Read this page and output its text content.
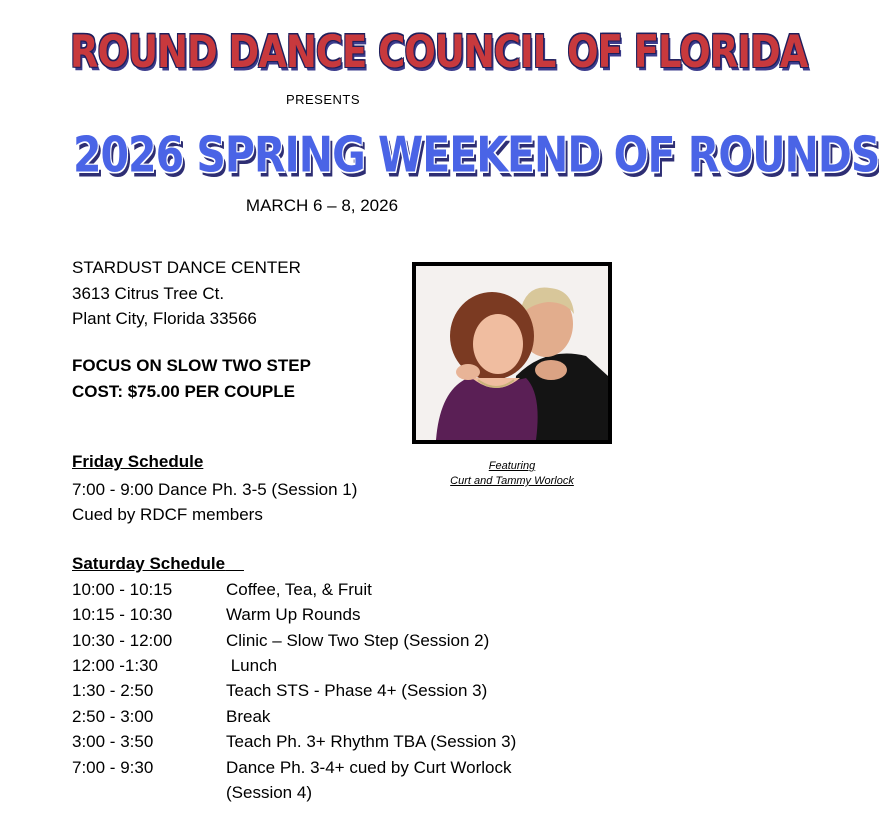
ROUND DANCE COUNCIL OF FLORIDA
PRESENTS
2026 SPRING WEEKEND OF ROUNDS
MARCH 6 – 8, 2026
STARDUST DANCE CENTER
3613 Citrus Tree Ct.
Plant City, Florida 33566
FOCUS ON SLOW TWO STEP
COST: $75.00 PER COUPLE
Featuring
Curt and Tammy Worlock
Friday Schedule
7:00 - 9:00 Dance Ph. 3-5 (Session 1)
Cued by RDCF members
Saturday Schedule
10:00 - 10:15	Coffee, Tea, & Fruit
10:15 - 10:30	Warm Up Rounds
10:30 - 12:00	Clinic – Slow Two Step (Session 2)
12:00 -1:30	Lunch
1:30 - 2:50	Teach STS - Phase 4+ (Session 3)
2:50 - 3:00	Break
3:00 - 3:50	Teach Ph. 3+ Rhythm TBA (Session 3)
7:00 - 9:30	Dance Ph. 3-4+ cued by Curt Worlock
(Session 4)
